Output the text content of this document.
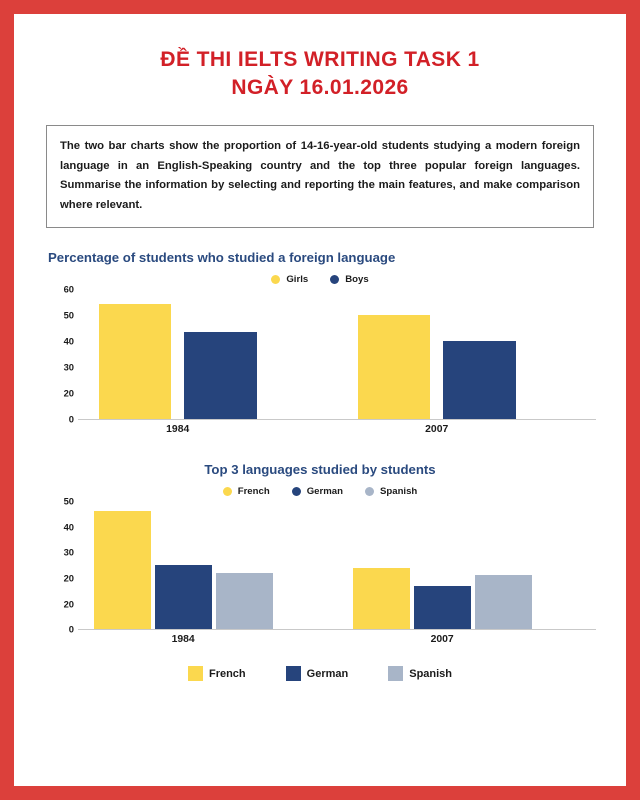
ĐỀ THI IELTS WRITING TASK 1
NGÀY 16.01.2026

The two bar charts show the proportion of 14-16-year-old students studying a modern foreign language in an English-Speaking country and the top three popular foreign languages. Summarise the information by selecting and reporting the main features, and make comparison where relevant.

Percentage of students who studied a foreign language
Girls	Boys
60
50
40
30
20
0
1984	2007
Top 3 languages studied by students
French	German	Spanish
50
40
30
20
20
0
1984	2007
French	German	Spanish
